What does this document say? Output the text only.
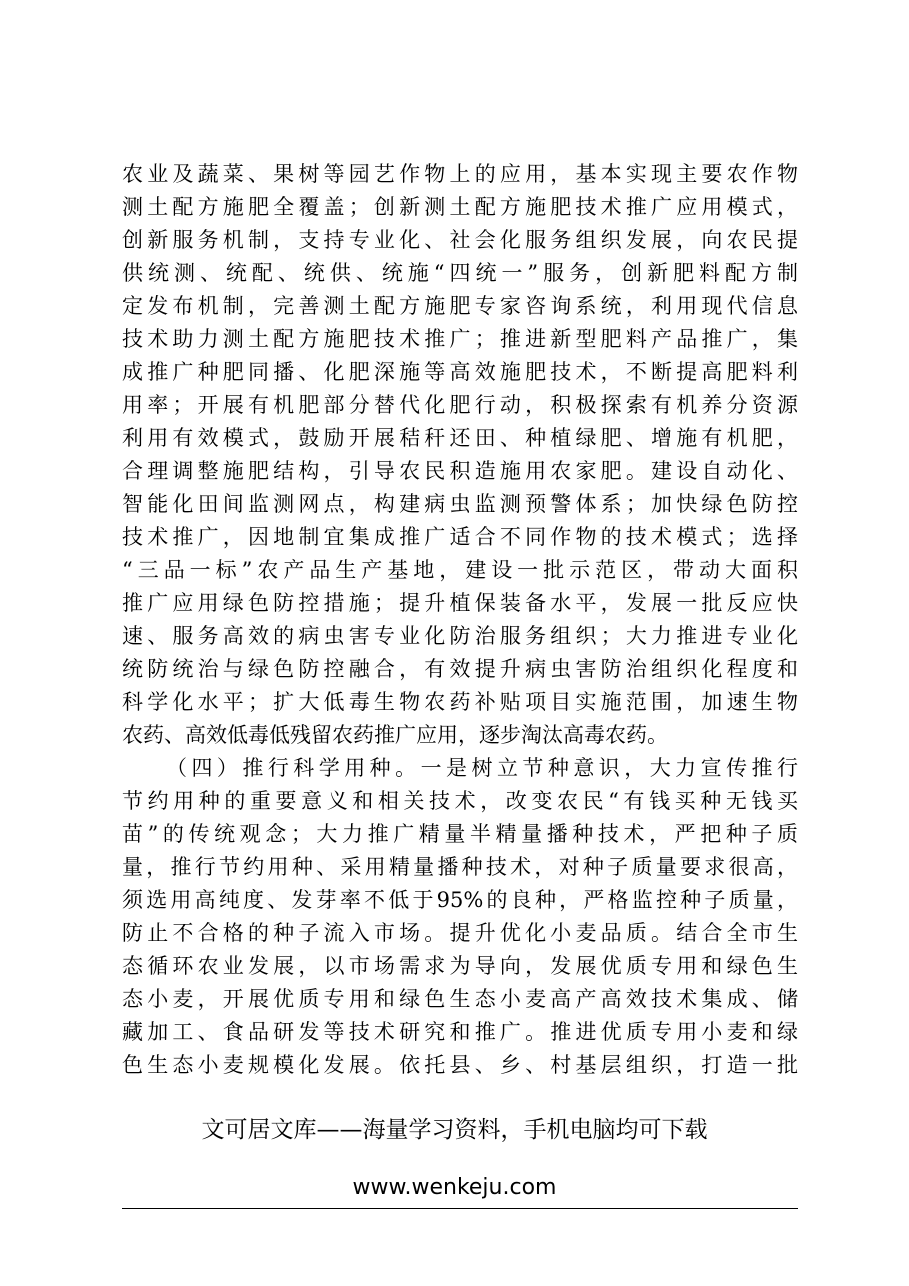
农业及蔬菜、果树等园艺作物上的应用，基本实现主要农作物
测土配方施肥全覆盖；创新测土配方施肥技术推广应用模式，
创新服务机制，支持专业化、社会化服务组织发展，向农民提
供统测、统配、统供、统施“四统一”服务，创新肥料配方制
定发布机制，完善测土配方施肥专家咨询系统，利用现代信息
技术助力测土配方施肥技术推广；推进新型肥料产品推广，集
成推广种肥同播、化肥深施等高效施肥技术，不断提高肥料利
用率；开展有机肥部分替代化肥行动，积极探索有机养分资源
利用有效模式，鼓励开展秸秆还田、种植绿肥、增施有机肥，
合理调整施肥结构，引导农民积造施用农家肥。建设自动化、
智能化田间监测网点，构建病虫监测预警体系；加快绿色防控
技术推广，因地制宜集成推广适合不同作物的技术模式；选择
“三品一标”农产品生产基地，建设一批示范区，带动大面积
推广应用绿色防控措施；提升植保装备水平，发展一批反应快
速、服务高效的病虫害专业化防治服务组织；大力推进专业化
统防统治与绿色防控融合，有效提升病虫害防治组织化程度和
科学化水平；扩大低毒生物农药补贴项目实施范围，加速生物
农药、高效低毒低残留农药推广应用，逐步淘汰高毒农药。
（四）推行科学用种。一是树立节种意识，大力宣传推行
节约用种的重要意义和相关技术，改变农民“有钱买种无钱买
苗”的传统观念；大力推广精量半精量播种技术，严把种子质
量，推行节约用种、采用精量播种技术，对种子质量要求很高，
须选用高纯度、发芽率不低于95%的良种，严格监控种子质量，
防止不合格的种子流入市场。提升优化小麦品质。结合全市生
态循环农业发展，以市场需求为导向，发展优质专用和绿色生
态小麦，开展优质专用和绿色生态小麦高产高效技术集成、储
藏加工、食品研发等技术研究和推广。推进优质专用小麦和绿
色生态小麦规模化发展。依托县、乡、村基层组织，打造一批
文可居文库——海量学习资料，手机电脑均可下载
www.wenkeju.com
